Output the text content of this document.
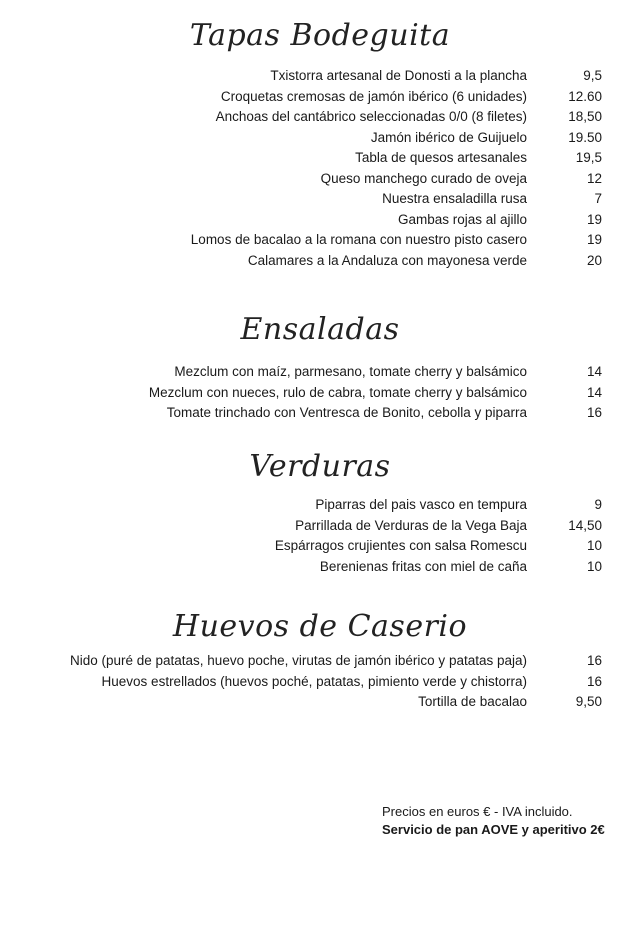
Tapas Bodeguita
Txistorra artesanal de Donosti a la plancha	9,5
Croquetas cremosas de jamón ibérico (6 unidades)	12.60
Anchoas del cantábrico seleccionadas 0/0 (8 filetes)	18,50
Jamón ibérico de Guijuelo	19.50
Tabla de quesos artesanales	19,5
Queso manchego curado de oveja	12
Nuestra ensaladilla rusa	7
Gambas rojas al ajillo	19
Lomos de bacalao a la romana con nuestro pisto casero	19
Calamares a la Andaluza con mayonesa verde	20
Ensaladas
Mezclum con maíz, parmesano, tomate cherry y balsámico	14
Mezclum con nueces, rulo de cabra, tomate cherry y balsámico	14
Tomate trinchado con Ventresca de Bonito, cebolla y piparra	16
Verduras
Piparras del pais vasco en tempura	9
Parrillada de Verduras de la Vega Baja	14,50
Espárragos crujientes con salsa Romescu	10
Berenienas fritas con miel de caña	10
Huevos de Caserio
Nido (puré de patatas, huevo poche, virutas de jamón ibérico y patatas paja)	16
Huevos estrellados (huevos poché, patatas, pimiento verde y chistorra)	16
Tortilla de bacalao	9,50
Precios en euros € - IVA incluido.
Servicio de pan AOVE y aperitivo 2€
